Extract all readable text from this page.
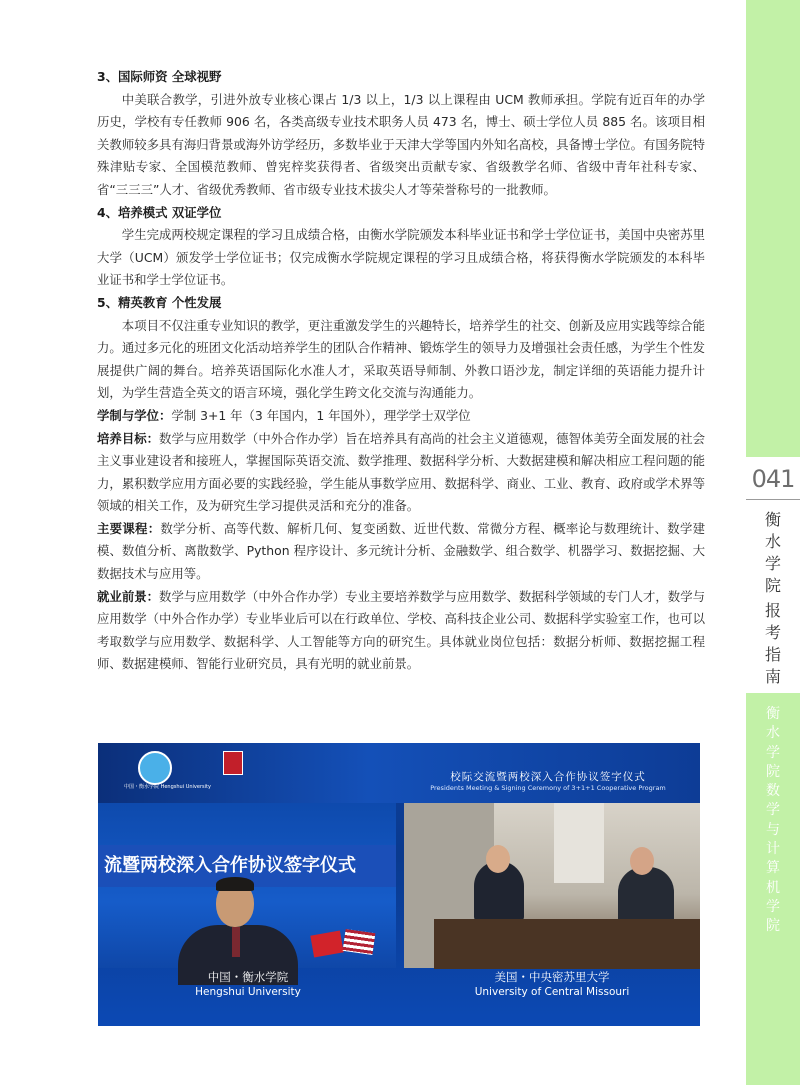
3、国际师资 全球视野

中美联合教学，引进外放专业核心课占 1/3 以上，1/3 以上课程由 UCM 教师承担。学院有近百年的办学历史，学校有专任教师 906 名，各类高级专业技术职务人员 473 名，博士、硕士学位人员 885 名。该项目相关教师较多具有海归背景或海外访学经历，多数毕业于天津大学等国内外知名高校，具备博士学位。有国务院特殊津贴专家、全国模范教师、曾宪梓奖获得者、省级突出贡献专家、省级教学名师、省级中青年社科专家、省“三三三”人才、省级优秀教师、省市级专业技术拔尖人才等荣誉称号的一批教师。

4、培养模式 双证学位

学生完成两校规定课程的学习且成绩合格，由衡水学院颁发本科毕业证书和学士学位证书，美国中央密苏里大学（UCM）颁发学士学位证书；仅完成衡水学院规定课程的学习且成绩合格，将获得衡水学院颁发的本科毕业证书和学士学位证书。

5、精英教育 个性发展

本项目不仅注重专业知识的教学，更注重激发学生的兴趣特长，培养学生的社交、创新及应用实践等综合能力。通过多元化的班团文化活动培养学生的团队合作精神、锻炼学生的领导力及增强社会责任感，为学生个性发展提供广阔的舞台。培养英语国际化水准人才，采取英语导师制、外教口语沙龙，制定详细的英语能力提升计划，为学生营造全英文的语言环境，强化学生跨文化交流与沟通能力。

学制与学位：学制 3+1 年（3 年国内，1 年国外），理学学士双学位

培养目标：数学与应用数学（中外合作办学）旨在培养具有高尚的社会主义道德观，德智体美劳全面发展的社会主义事业建设者和接班人，掌握国际英语交流、数学推理、数据科学分析、大数据建模和解决相应工程问题的能力，累积数学应用方面必要的实践经验，学生能从事数学应用、数据科学、商业、工业、教育、政府或学术界等领域的相关工作，及为研究生学习提供灵活和充分的准备。

主要课程：数学分析、高等代数、解析几何、复变函数、近世代数、常微分方程、概率论与数理统计、数学建模、数值分析、离散数学、Python 程序设计、多元统计分析、金融数学、组合数学、机器学习、数据挖掘、大数据技术与应用等。

就业前景：数学与应用数学（中外合作办学）专业主要培养数学与应用数学、数据科学领域的专门人才，数学与应用数学（中外合作办学）专业毕业后可以在行政单位、学校、高科技企业公司、数据科学实验室工作，也可以考取数学与应用数学、数据科学、人工智能等方向的研究生。具体就业岗位包括：数据分析师、数据挖掘工程师、数据建模师、智能行业研究员，具有光明的就业前景。

中国・衡水学院 Hengshui University
校际交流暨两校深入合作协议签字仪式
Presidents Meeting & Signing Ceremony of 3+1+1 Cooperative Program
流暨两校深入合作协议签字仪式
中国・衡水学院
Hengshui University
美国・中央密苏里大学
University of Central Missouri
041
衡
水
学
院
报
考
指
南
衡
水
学
院
数
学
与
计
算
机
学
院
